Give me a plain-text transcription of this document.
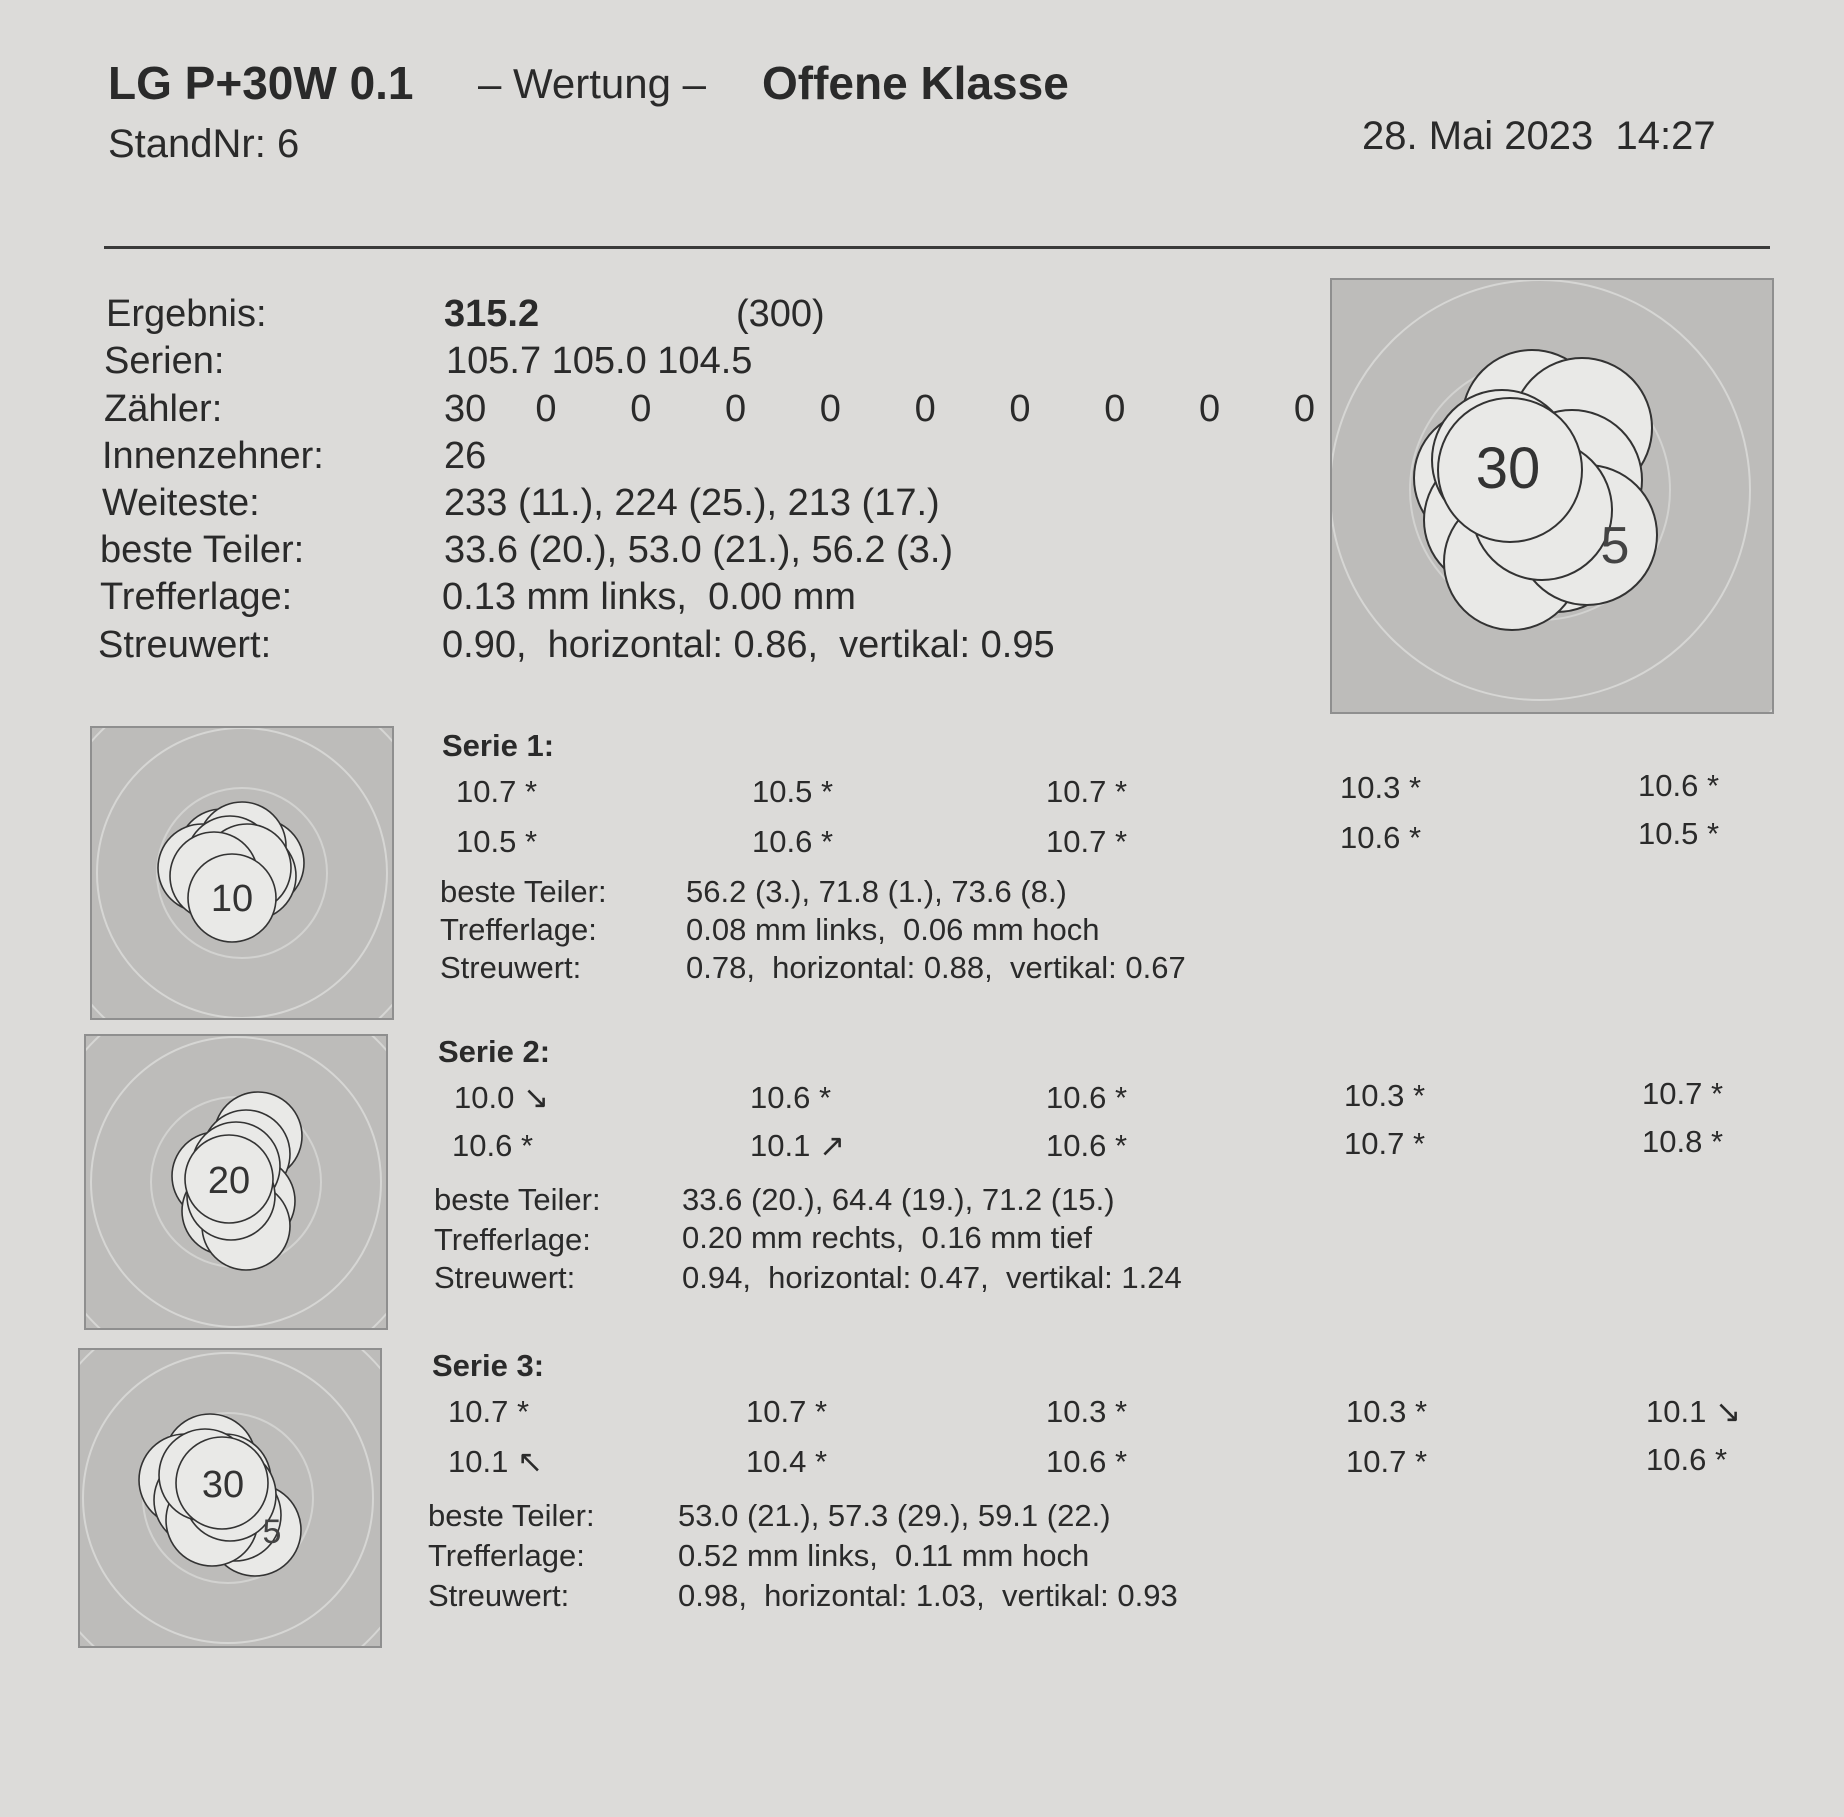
LG P+30W 0.1 – Wertung – Offene Klasse
StandNr: 6	28. Mai 2023 14:27
Ergebnis:	315.2	(300)
Serien:	105.7 105.0 104.5
Zähler:	30  0   0   0   0   0   0   0   0   0
Innenzehner:	26
Weiteste:	233 (11.), 224 (25.), 213 (17.)
beste Teiler:	33.6 (20.), 53.0 (21.), 56.2 (3.)
Trefferlage:	0.13 mm links,  0.00 mm
Streuwert:	0.90,  horizontal: 0.86,  vertikal: 0.95
30
5
10
Serie 1:
10.7 *	10.5 *	10.7 *	10.3 *	10.6 *
10.5 *	10.6 *	10.7 *	10.6 *	10.5 *
beste Teiler:	56.2 (3.), 71.8 (1.), 73.6 (8.)
Trefferlage:	0.08 mm links,  0.06 mm hoch
Streuwert:	0.78,  horizontal: 0.88,  vertikal: 0.67
20
Serie 2:
10.0 ↘	10.6 *	10.6 *	10.3 *	10.7 *
10.6 *	10.1 ↗	10.6 *	10.7 *	10.8 *
beste Teiler:	33.6 (20.), 64.4 (19.), 71.2 (15.)
Trefferlage:	0.20 mm rechts,  0.16 mm tief
Streuwert:	0.94,  horizontal: 0.47,  vertikal: 1.24
30
5
Serie 3:
10.7 *	10.7 *	10.3 *	10.3 *	10.1 ↘
10.1 ↖	10.4 *	10.6 *	10.7 *	10.6 *
beste Teiler:	53.0 (21.), 57.3 (29.), 59.1 (22.)
Trefferlage:	0.52 mm links,  0.11 mm hoch
Streuwert:	0.98,  horizontal: 1.03,  vertikal: 0.93
